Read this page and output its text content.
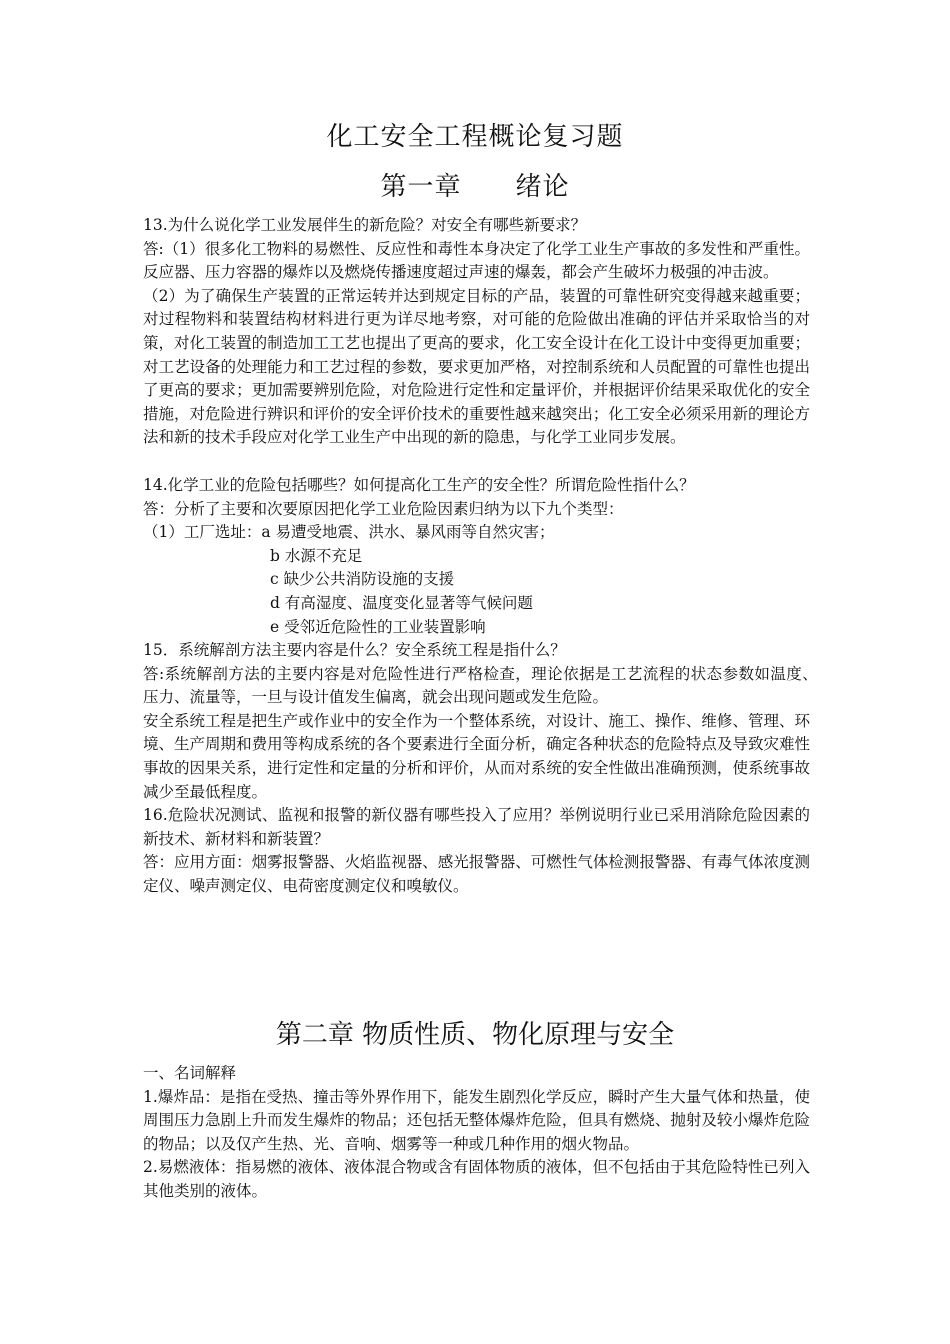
化工安全工程概论复习题
第一章　　绪论

13.为什么说化学工业发展伴生的新危险？对安全有哪些新要求？

答:（1）很多化工物料的易燃性、反应性和毒性本身决定了化学工业生产事故的多发性和严重性。反应器、压力容器的爆炸以及燃烧传播速度超过声速的爆轰，都会产生破坏力极强的冲击波。

（2）为了确保生产装置的正常运转并达到规定目标的产品，装置的可靠性研究变得越来越重要；对过程物料和装置结构材料进行更为详尽地考察，对可能的危险做出准确的评估并采取恰当的对策，对化工装置的制造加工工艺也提出了更高的要求，化工安全设计在化工设计中变得更加重要；对工艺设备的处理能力和工艺过程的参数，要求更加严格，对控制系统和人员配置的可靠性也提出了更高的要求；更加需要辨别危险，对危险进行定性和定量评价，并根据评价结果采取优化的安全措施，对危险进行辨识和评价的安全评价技术的重要性越来越突出；化工安全必须采用新的理论方法和新的技术手段应对化学工业生产中出现的新的隐患，与化学工业同步发展。

14.化学工业的危险包括哪些？如何提高化工生产的安全性？所谓危险性指什么？

答：分析了主要和次要原因把化学工业危险因素归纳为以下九个类型：

（1）工厂选址：a 易遭受地震、洪水、暴风雨等自然灾害；

b 水源不充足

c 缺少公共消防设施的支援

d 有高湿度、温度变化显著等气候问题

e 受邻近危险性的工业装置影响

15．系统解剖方法主要内容是什么？安全系统工程是指什么？

答:系统解剖方法的主要内容是对危险性进行严格检查，理论依据是工艺流程的状态参数如温度、　压力、流量等，一旦与设计值发生偏离，就会出现问题或发生危险。

安全系统工程是把生产或作业中的安全作为一个整体系统，对设计、施工、操作、维修、管理、环境、生产周期和费用等构成系统的各个要素进行全面分析，确定各种状态的危险特点及导致灾难性事故的因果关系，进行定性和定量的分析和评价，从而对系统的安全性做出准确预测，使系统事故减少至最低程度。

16.危险状况测试、监视和报警的新仪器有哪些投入了应用？举例说明行业已采用消除危险因素的新技术、新材料和新装置？

答：应用方面：烟雾报警器、火焰监视器、感光报警器、可燃性气体检测报警器、有毒气体浓度测定仪、噪声测定仪、电荷密度测定仪和嗅敏仪。

第二章 物质性质、物化原理与安全

一、名词解释

1.爆炸品：是指在受热、撞击等外界作用下，能发生剧烈化学反应，瞬时产生大量气体和热量，使周围压力急剧上升而发生爆炸的物品；还包括无整体爆炸危险，但具有燃烧、抛射及较小爆炸危险的物品；以及仅产生热、光、音响、烟雾等一种或几种作用的烟火物品。

2.易燃液体：指易燃的液体、液体混合物或含有固体物质的液体，但不包括由于其危险特性已列入其他类别的液体。
